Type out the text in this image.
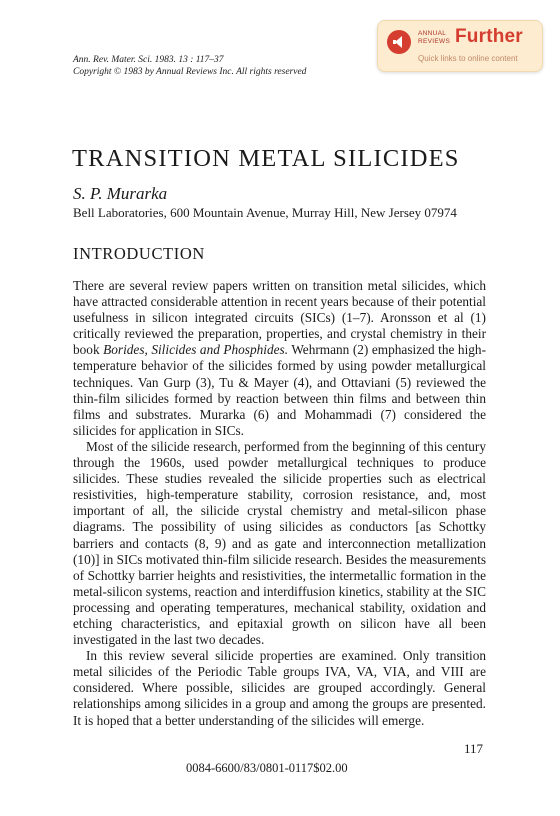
Ann. Rev. Mater. Sci. 1983. 13 : 117–37
Copyright © 1983 by Annual Reviews Inc. All rights reserved
ANNUAL
REVIEWS Further
Quick links to online content
TRANSITION METAL SILICIDES
S. P. Murarka
Bell Laboratories, 600 Mountain Avenue, Murray Hill, New Jersey 07974
INTRODUCTION

There are several review papers written on transition metal silicides, which have attracted considerable attention in recent years because of their potential usefulness in silicon integrated circuits (SICs) (1–7). Aronsson et al (1) critically reviewed the preparation, properties, and crystal chemistry in their book Borides, Silicides and Phosphides. Wehrmann (2) emphasized the high-temperature behavior of the silicides formed by using powder metallurgical techniques. Van Gurp (3), Tu & Mayer (4), and Ottaviani (5) reviewed the thin-film silicides formed by reaction between thin films and between thin films and substrates. Murarka (6) and Mohammadi (7) considered the silicides for application in SICs.

Most of the silicide research, performed from the beginning of this century through the 1960s, used powder metallurgical techniques to produce silicides. These studies revealed the silicide properties such as electrical resistivities, high-temperature stability, corrosion resistance, and, most important of all, the silicide crystal chemistry and metal-silicon phase diagrams. The possibility of using silicides as conductors [as Schottky barriers and contacts (8, 9) and as gate and interconnection metallization (10)] in SICs motivated thin-film silicide research. Besides the measurements of Schottky barrier heights and resistivities, the intermetallic formation in the metal-silicon systems, reaction and interdiffusion kinetics, stability at the SIC processing and operating temperatures, mechanical stability, oxidation and etching characteristics, and epitaxial growth on silicon have all been investigated in the last two decades.

In this review several silicide properties are examined. Only transition metal silicides of the Periodic Table groups IVA, VA, VIA, and VIII are considered. Where possible, silicides are grouped accordingly. General relationships among silicides in a group and among the groups are presented. It is hoped that a better understanding of the silicides will emerge.

117
0084-6600/83/0801-0117$02.00
